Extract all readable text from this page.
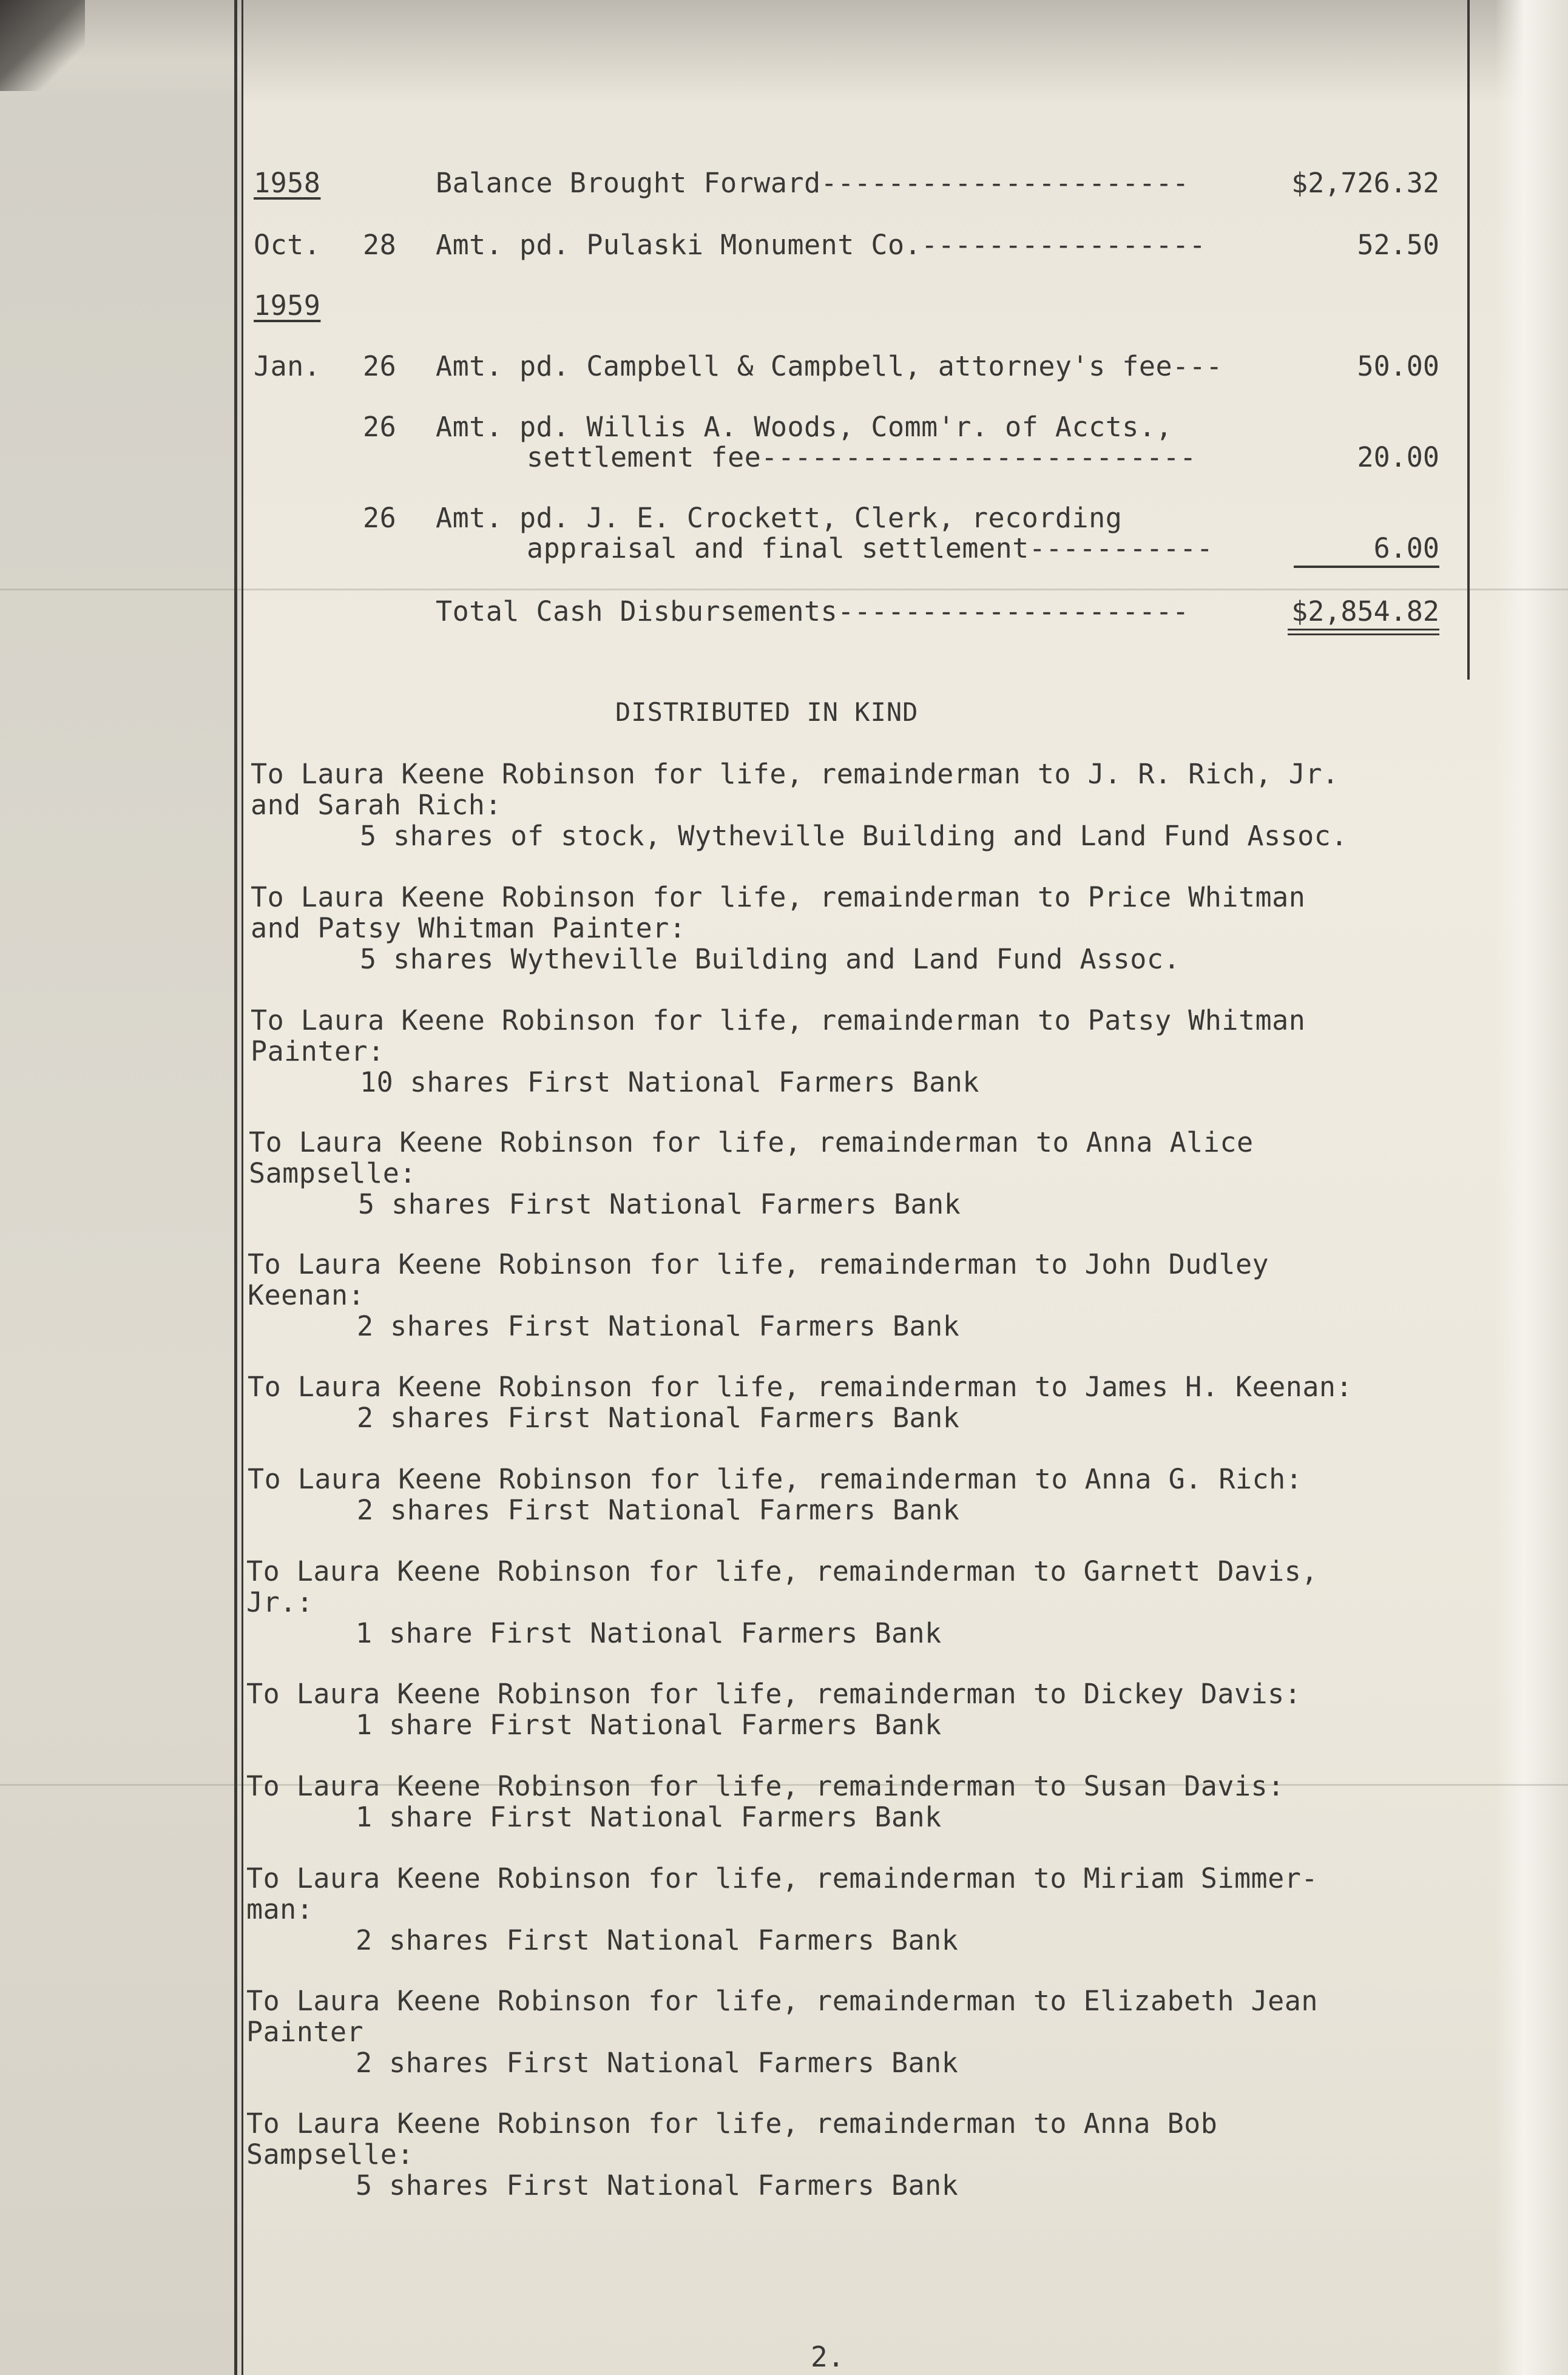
1958	Balance Brought Forward----------------------	$2,726.32
Oct. 28 Amt. pd. Pulaski Monument Co.-----------------	52.50
1959
Jan. 26 Amt. pd. Campbell & Campbell, attorney's fee---	50.00
26 Amt. pd. Willis A. Woods, Comm'r. of Accts.,
settlement fee--------------------------	20.00
26 Amt. pd. J. E. Crockett, Clerk, recording
appraisal and final settlement-----------	6.00
Total Cash Disbursements---------------------	$2,854.82
DISTRIBUTED IN KIND
To Laura Keene Robinson for life, remainderman to J. R. Rich, Jr.
and Sarah Rich:
5 shares of stock, Wytheville Building and Land Fund Assoc.
To Laura Keene Robinson for life, remainderman to Price Whitman
and Patsy Whitman Painter:
5 shares Wytheville Building and Land Fund Assoc.
To Laura Keene Robinson for life, remainderman to Patsy Whitman
Painter:
10 shares First National Farmers Bank
To Laura Keene Robinson for life, remainderman to Anna Alice
Sampselle:
5 shares First National Farmers Bank
To Laura Keene Robinson for life, remainderman to John Dudley
Keenan:
2 shares First National Farmers Bank
To Laura Keene Robinson for life, remainderman to James H. Keenan:
2 shares First National Farmers Bank
To Laura Keene Robinson for life, remainderman to Anna G. Rich:
2 shares First National Farmers Bank
To Laura Keene Robinson for life, remainderman to Garnett Davis,
Jr.:
1 share First National Farmers Bank
To Laura Keene Robinson for life, remainderman to Dickey Davis:
1 share First National Farmers Bank
To Laura Keene Robinson for life, remainderman to Susan Davis:
1 share First National Farmers Bank
To Laura Keene Robinson for life, remainderman to Miriam Simmer-
man:
2 shares First National Farmers Bank
To Laura Keene Robinson for life, remainderman to Elizabeth Jean
Painter
2 shares First National Farmers Bank
To Laura Keene Robinson for life, remainderman to Anna Bob
Sampselle:
5 shares First National Farmers Bank
2.
